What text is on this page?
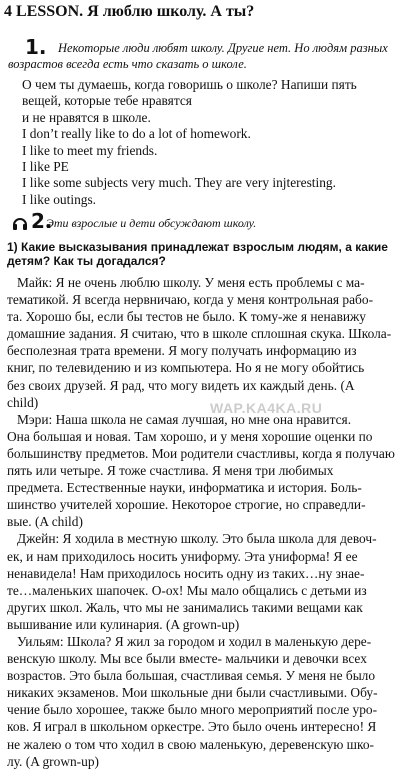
4 LESSON. Я люблю школу. А ты?
1. Некоторые люди любят школу. Другие нет. Но людям разных возрастов всегда есть что сказать о школе.
О чем ты думаешь, когда говоришь о школе? Напиши пять
вещей, которые тебе нравятся
и не нравятся в школе.
I don’t really like to do a lot of homework.
I like to meet my friends.
I like PE
I like some subjects very much. They are very injteresting.
I like outings.
2.
Эти взрослые и дети обсуждают школу.
1) Какие высказывания принадлежат взрослым людям, а какие детям? Как ты догадался?
Майк: Я не очень люблю школу. У меня есть проблемы с ма-
тематикой. Я всегда нервничаю, когда у меня контрольная рабо-
та. Хорошо бы, если бы тестов не было. К тому-же я ненавижу
домашние задания. Я считаю, что в школе сплошная скука. Школа-
бесполезная трата времени. Я могу получать информацию из
книг, по телевидению и из компьютера. Но я не могу обойтись
без своих друзей. Я рад, что могу видеть их каждый день. (A
child)
Мэри: Наша школа не самая лучшая, но мне она нравится.
Она большая и новая. Там хорошо, и у меня хорошие оценки по
большинству предметов. Мои родители счастливы, когда я получаю
пять или четыре. Я тоже счастлива. Я меня три любимых
предмета. Естественные науки, информатика и история. Боль-
шинство учителей хорошие. Некоторое строгие, но справедли-
вые. (A child)
Джейн: Я ходила в местную школу. Это была школа для девоч-
ек, и нам приходилось носить униформу. Эта униформа! Я ее
ненавидела! Нам приходилось носить одну из таких…ну знае-
те…маленьких шапочек. О-ох! Мы мало общались с детьми из
других школ. Жаль, что мы не занимались такими вещами как
вышивание или кулинария. (A grown-up)
Уильям: Школа? Я жил за городом и ходил в маленькую дере-
венскую школу. Мы все были вместе- мальчики и девочки всех
возрастов. Это была большая, счастливая семья. У меня не было
никаких экзаменов. Мои школьные дни были счастливыми. Обу-
чение было хорошее, также было много мероприятий после уро-
ков. Я играл в школьном оркестре. Это было очень интересно! Я
не жалею о том что ходил в свою маленькую, деревенскую шко-
лу. (A grown-up)
WAP.KA4KA.RU
